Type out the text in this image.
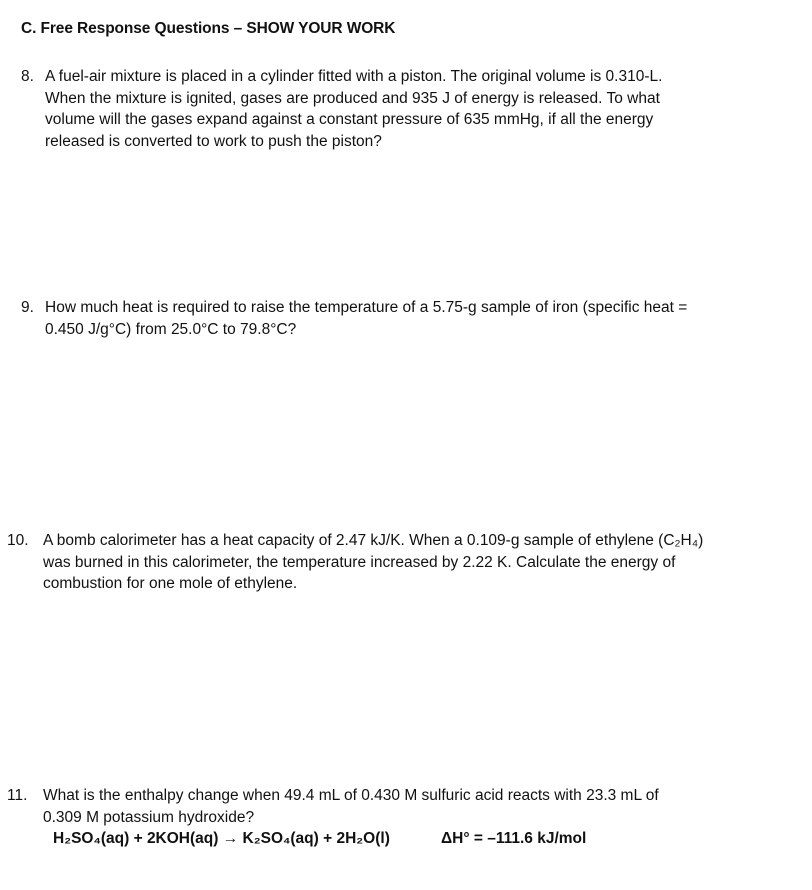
C. Free Response Questions – SHOW YOUR WORK
8. A fuel-air mixture is placed in a cylinder fitted with a piston. The original volume is 0.310-L.
When the mixture is ignited, gases are produced and 935 J of energy is released. To what
volume will the gases expand against a constant pressure of 635 mmHg, if all the energy
released is converted to work to push the piston?
9. How much heat is required to raise the temperature of a 5.75-g sample of iron (specific heat =
0.450 J/g°C) from 25.0°C to 79.8°C?
10. A bomb calorimeter has a heat capacity of 2.47 kJ/K. When a 0.109-g sample of ethylene (C₂H₄)
was burned in this calorimeter, the temperature increased by 2.22 K. Calculate the energy of
combustion for one mole of ethylene.
11. What is the enthalpy change when 49.4 mL of 0.430 M sulfuric acid reacts with 23.3 mL of
0.309 M potassium hydroxide?
H₂SO₄(aq) + 2KOH(aq) → K₂SO₄(aq) + 2H₂O(l)	ΔH° = –111.6 kJ/mol
